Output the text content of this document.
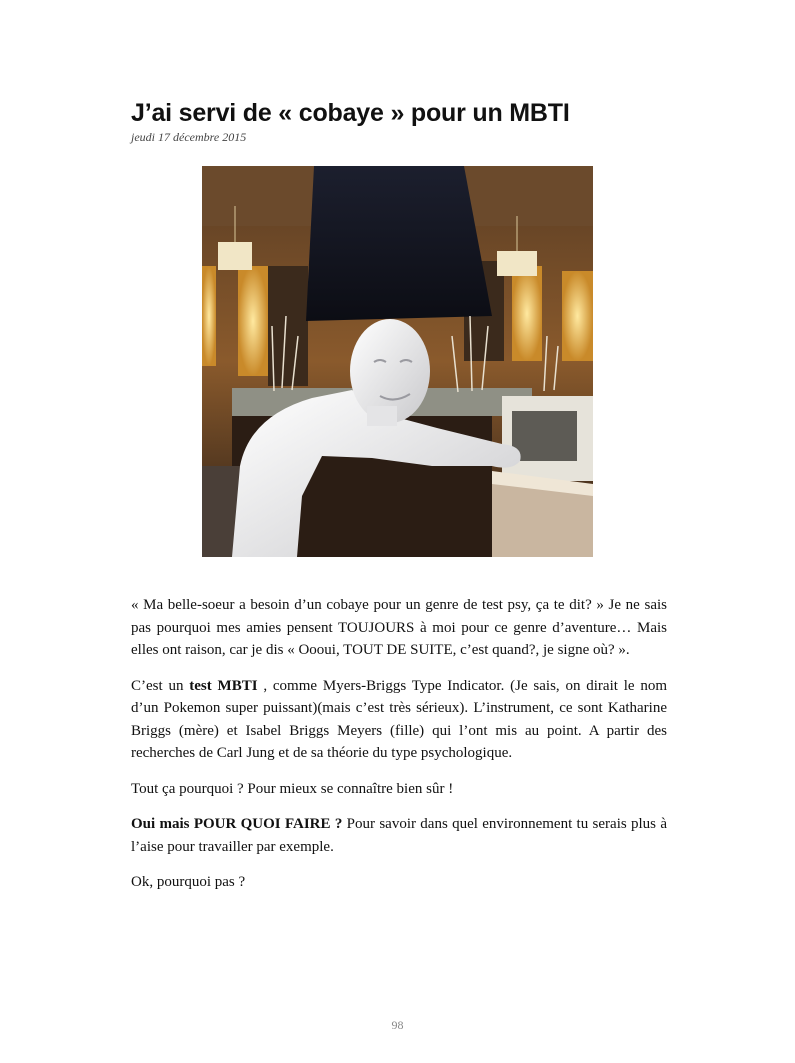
J’ai servi de « cobaye » pour un MBTI
jeudi 17 décembre 2015

« Ma belle-soeur a besoin d’un cobaye pour un genre de test psy, ça te dit? » Je ne sais pas pourquoi mes amies pensent TOUJOURS à moi pour ce genre d’aventure… Mais elles ont raison, car je dis « Oooui, TOUT DE SUITE, c’est quand?, je signe où? ».

C’est un test MBTI , comme Myers-Briggs Type Indicator. (Je sais, on dirait le nom d’un Pokemon super puissant)(mais c’est très sérieux). L’instrument, ce sont Katharine Briggs (mère) et Isabel Briggs Meyers (fille) qui l’ont mis au point. A partir des recherches de Carl Jung et de sa théorie du type psychologique.

Tout ça pourquoi ? Pour mieux se connaître bien sûr !

Oui mais POUR QUOI FAIRE ? Pour savoir dans quel environnement tu serais plus à l’aise pour travailler par exemple.

Ok, pourquoi pas ?

98
